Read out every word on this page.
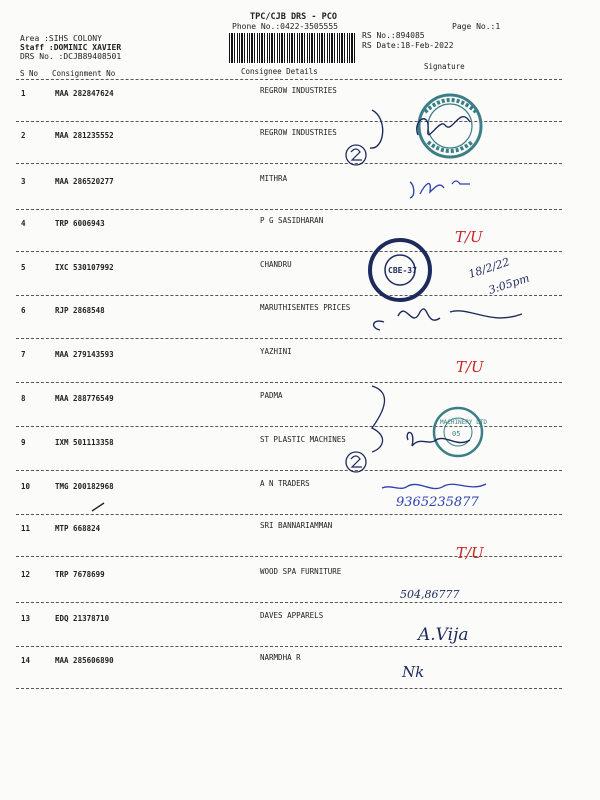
TPC/CJB DRS - PCO
Phone No.:0422-3505555	Page No.:1
Area :SIHS COLONY
Staff :DOMINIC XAVIER
DRS No. :DCJB89408501
RS No.:894085
RS Date:18-Feb-2022
S No Consignment No	Consignee Details
Signature
1	MAA 282847624	REGROW INDUSTRIES
2	MAA 281235552	REGROW INDUSTRIES
3	MAA 286520277	MITHRA
4	TRP 6006943	P G SASIDHARAN
5	IXC 530107992	CHANDRU
6	RJP 2868548	MARUTHISENTES PRICES
7	MAA 279143593	YAZHINI
8	MAA 288776549	PADMA
9	IXM 501113358	ST PLASTIC MACHINES
10	TMG 200182968	A N TRADERS
11	MTP 668824	SRI BANNARIAMMAN
12	TRP 7678699	WOOD SPA FURNITURE
13	EDQ 21378710	DAVES APPARELS
14	MAA 285606890	NARMDHA R
T/U
T/U
T/U
CBE-37	18/2/22
3:05pm
MACHINERY LTD
05
9365235877
504,86777
A.Vija
Nk
